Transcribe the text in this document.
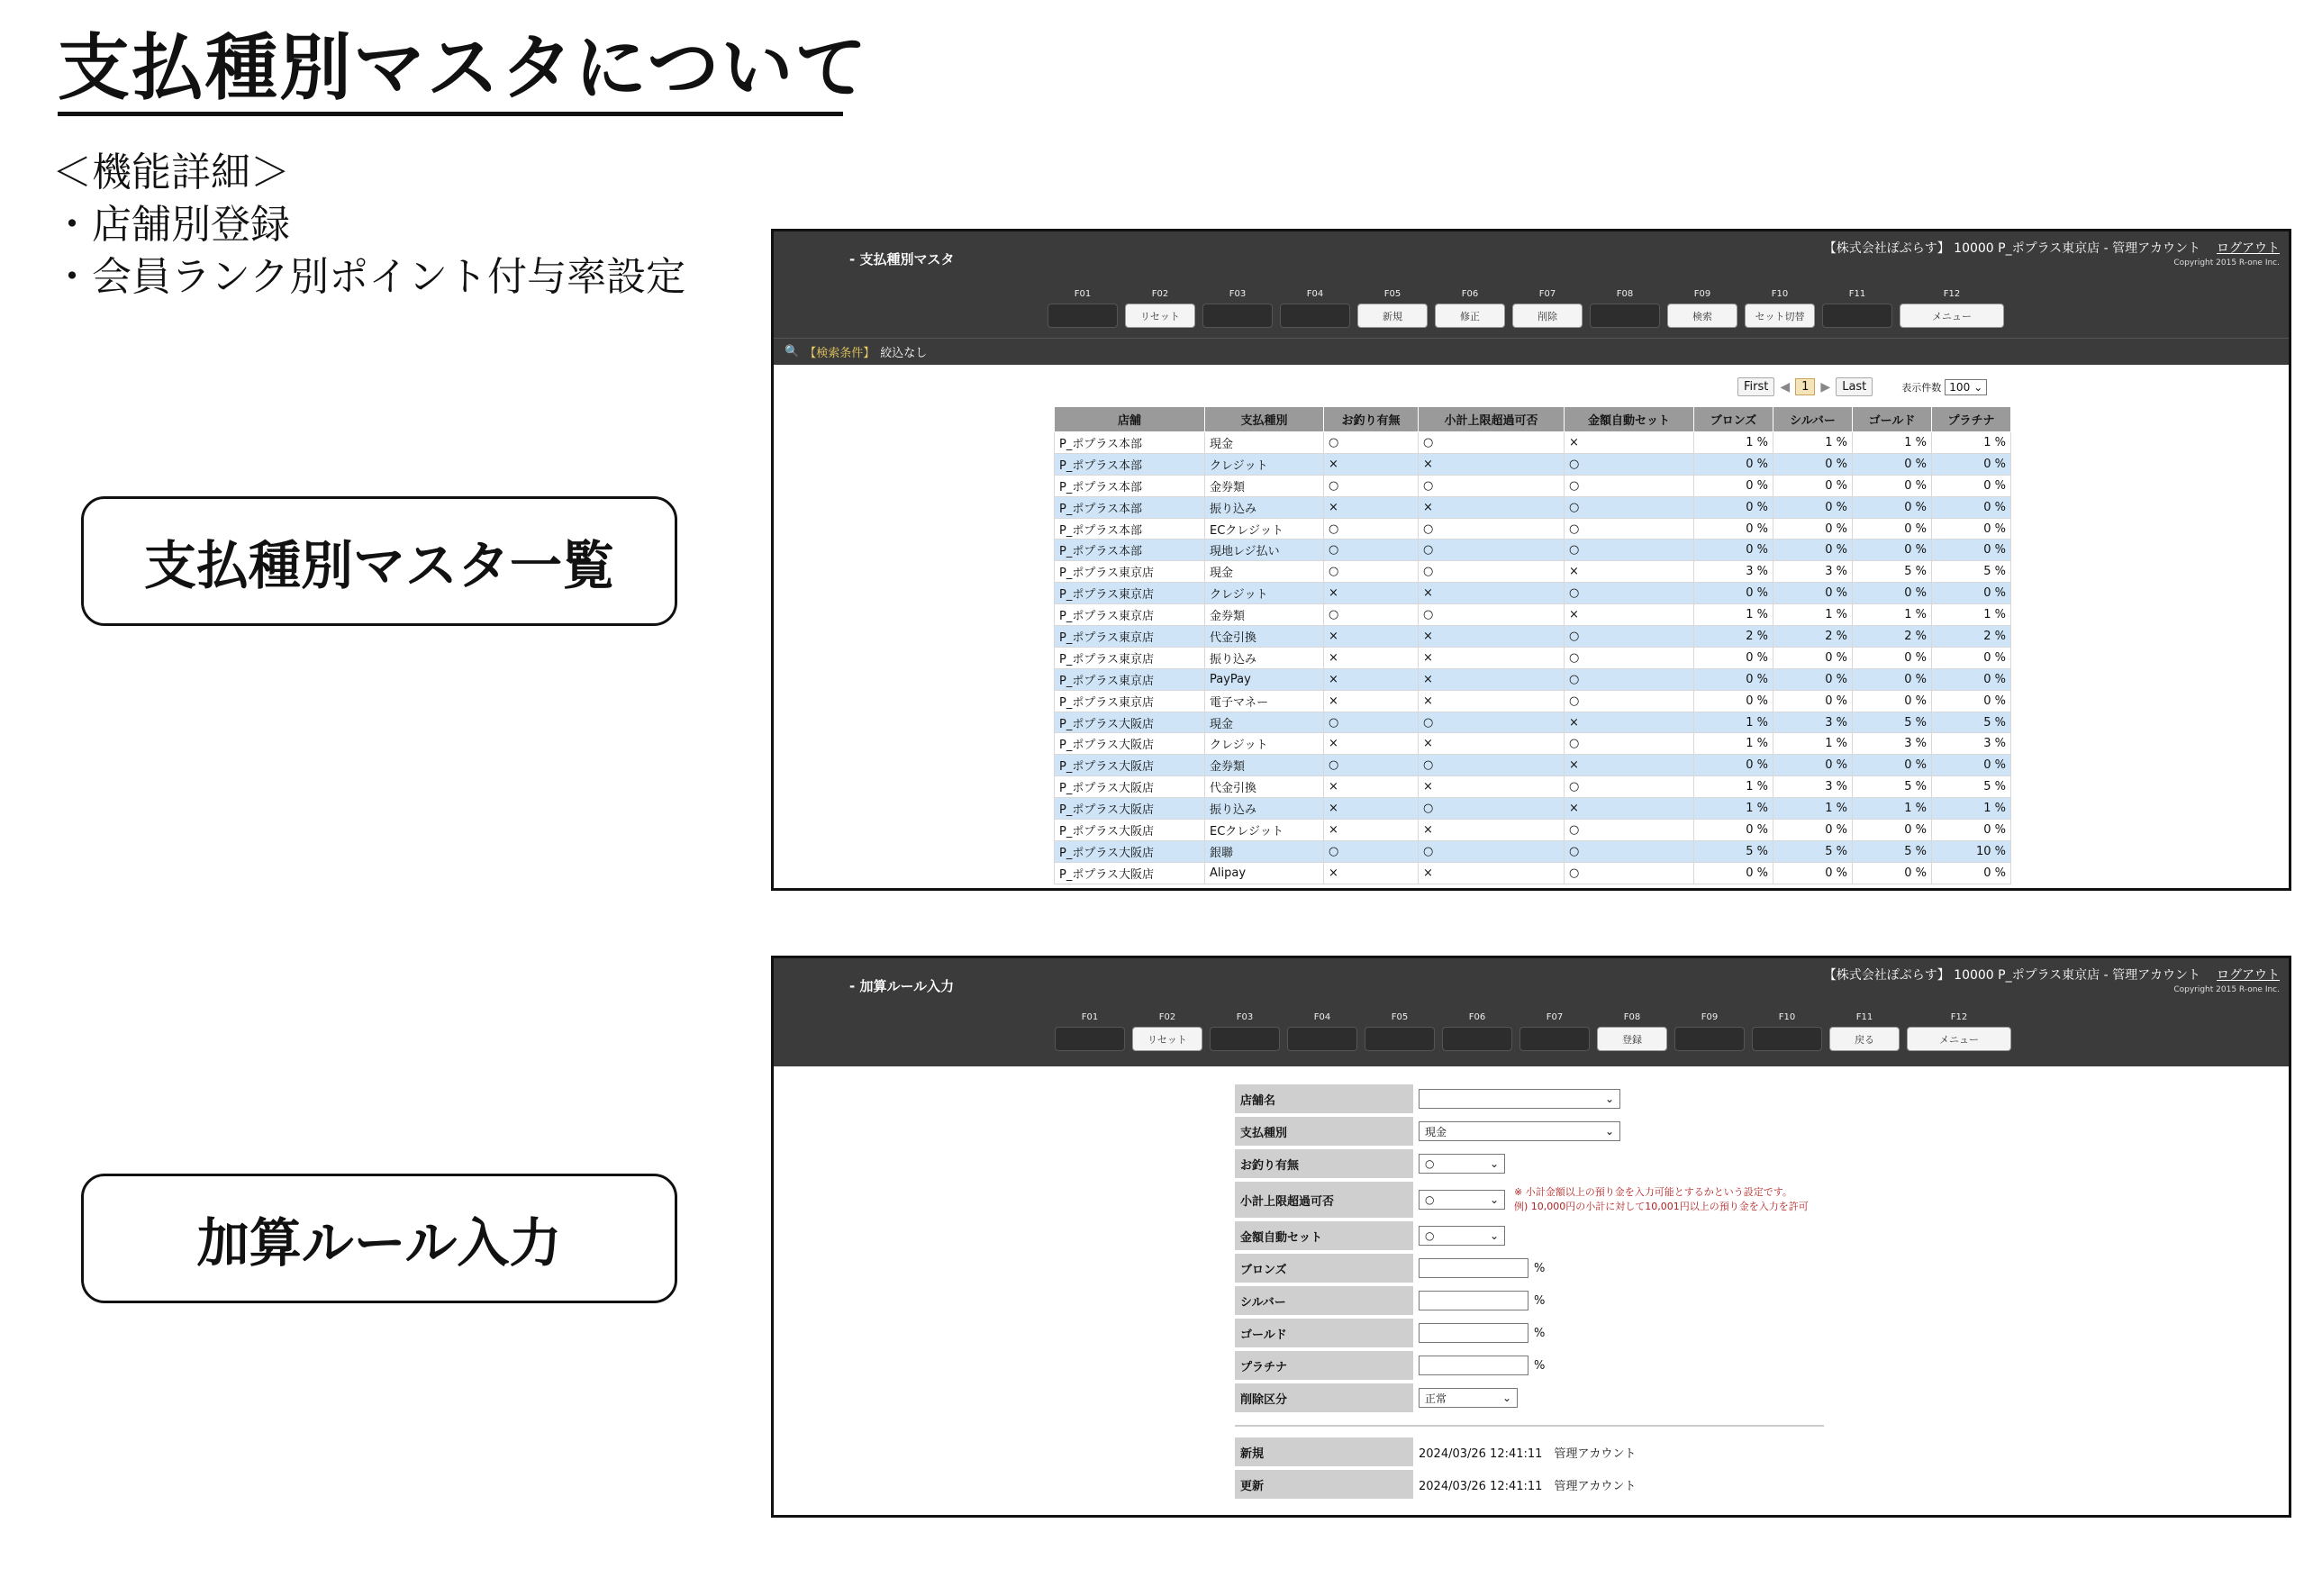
支払種別マスタについて
＜機能詳細＞
・店舗別登録
・会員ランク別ポイント付与率設定
支払種別マスタ一覧
加算ルール入力
- 支払種別マスタ
【株式会社ぽぷらす】 10000 P_ポプラス東京店 - 管理アカウント ログアウト
Copyright 2015 R-one Inc.
F01	F02
リセット
F03	F04	F05
新規
F06
修正
F07
削除
F08	F09
検索
F10
セット切替
F11	F12
メニュー
🔍 【検索条件】 絞込なし
First ◀	1 ▶	Last	表示件数 100 ⌄
店舗	支払種別	お釣り有無	小計上限超過可否	金額自動セット	ブロンズ	シルバー	ゴールド	プラチナ
P_ポプラス本部	現金	○	○	×	1 %	1 %	1 %	1 %
P_ポプラス本部	クレジット	×	×	○	0 %	0 %	0 %	0 %
P_ポプラス本部	金券類	○	○	○	0 %	0 %	0 %	0 %
P_ポプラス本部	振り込み	×	×	○	0 %	0 %	0 %	0 %
P_ポプラス本部	ECクレジット	○	○	○	0 %	0 %	0 %	0 %
P_ポプラス本部	現地レジ払い	○	○	○	0 %	0 %	0 %	0 %
P_ポプラス東京店	現金	○	○	×	3 %	3 %	5 %	5 %
P_ポプラス東京店	クレジット	×	×	○	0 %	0 %	0 %	0 %
P_ポプラス東京店	金券類	○	○	×	1 %	1 %	1 %	1 %
P_ポプラス東京店	代金引換	×	×	○	2 %	2 %	2 %	2 %
P_ポプラス東京店	振り込み	×	×	○	0 %	0 %	0 %	0 %
P_ポプラス東京店	PayPay	×	×	○	0 %	0 %	0 %	0 %
P_ポプラス東京店	電子マネー	×	×	○	0 %	0 %	0 %	0 %
P_ポプラス大阪店	現金	○	○	×	1 %	3 %	5 %	5 %
P_ポプラス大阪店	クレジット	×	×	○	1 %	1 %	3 %	3 %
P_ポプラス大阪店	金券類	○	○	×	0 %	0 %	0 %	0 %
P_ポプラス大阪店	代金引換	×	×	○	1 %	3 %	5 %	5 %
P_ポプラス大阪店	振り込み	×	○	×	1 %	1 %	1 %	1 %
P_ポプラス大阪店	ECクレジット	×	×	○	0 %	0 %	0 %	0 %
P_ポプラス大阪店	銀聯	○	○	○	5 %	5 %	5 %	10 %
P_ポプラス大阪店	Alipay	×	×	○	0 %	0 %	0 %	0 %
- 加算ルール入力
【株式会社ぽぷらす】 10000 P_ポプラス東京店 - 管理アカウント ログアウト
Copyright 2015 R-one Inc.
F01	F02
リセット
F03	F04	F05	F06	F07	F08
登録
F09	F10	F11
戻る
F12
メニュー
店舗名	⌄
支払種別	現金	⌄
お釣り有無	○	⌄
小計上限超過可否	○	⌄
※ 小計金額以上の預り金を入力可能とするかという設定です。
例) 10,000円の小計に対して10,001円以上の預り金を入力を許可
金額自動セット	○	⌄
ブロンズ	%
シルバー	%
ゴールド	%
プラチナ	%
削除区分	正常	⌄
新規	2024/03/26 12:41:11　管理アカウント
更新	2024/03/26 12:41:11　管理アカウント
